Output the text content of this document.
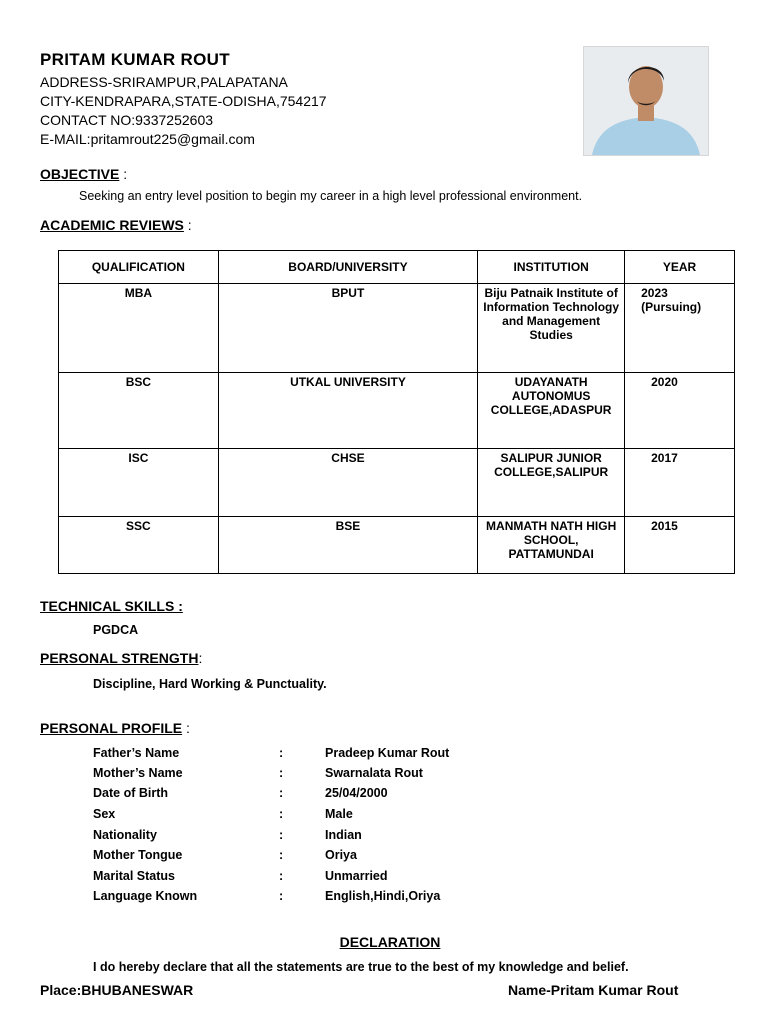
PRITAM KUMAR ROUT
ADDRESS-SRIRAMPUR,PALAPATANA
CITY-KENDRAPARA,STATE-ODISHA,754217
CONTACT NO:9337252603
E-MAIL:pritamrout225@gmail.com
OBJECTIVE :
Seeking an entry level position to begin my career in a high level professional environment.
ACADEMIC REVIEWS :
QUALIFICATION	BOARD/UNIVERSITY	INSTITUTION	YEAR
MBA	BPUT	Biju Patnaik Institute of Information Technology and Management Studies	2023 (Pursuing)
BSC	UTKAL UNIVERSITY	UDAYANATH AUTONOMUS COLLEGE,ADASPUR	2020
ISC	CHSE	SALIPUR JUNIOR COLLEGE,SALIPUR	2017
SSC	BSE	MANMATH NATH HIGH SCHOOL, PATTAMUNDAI	2015
TECHNICAL SKILLS :
PGDCA
PERSONAL STRENGTH:
Discipline, Hard Working & Punctuality.
PERSONAL PROFILE :
Father’s Name	:	Pradeep Kumar Rout
Mother’s Name	:	Swarnalata Rout
Date of Birth	:	25/04/2000
Sex	:	Male
Nationality	:	Indian
Mother Tongue	:	Oriya
Marital Status	:	Unmarried
Language Known	:	English,Hindi,Oriya
DECLARATION
I do hereby declare that all the statements are true to the best of my knowledge and belief.
Place:BHUBANESWAR	Name-Pritam Kumar Rout
